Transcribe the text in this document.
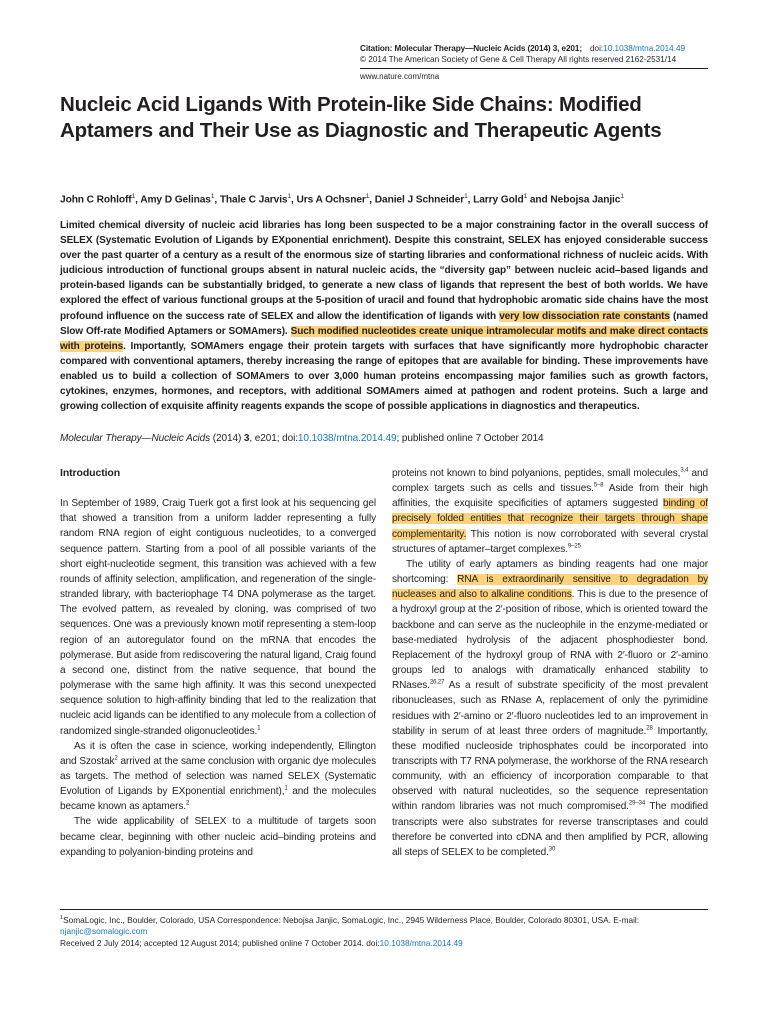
Citation: Molecular Therapy—Nucleic Acids (2014) 3, e201; doi:10.1038/mtna.2014.49
© 2014 The American Society of Gene & Cell Therapy All rights reserved 2162-2531/14
www.nature.com/mtna
Nucleic Acid Ligands With Protein-like Side Chains: Modified Aptamers and Their Use as Diagnostic and Therapeutic Agents
John C Rohloff$^1$, Amy D Gelinas$^1$, Thale C Jarvis$^1$, Urs A Ochsner$^1$, Daniel J Schneider$^1$, Larry Gold$^1$ and Nebojsa Janjic$^1$

Limited chemical diversity of nucleic acid libraries has long been suspected to be a major constraining factor in the overall success of SELEX (Systematic Evolution of Ligands by EXponential enrichment). Despite this constraint, SELEX has enjoyed considerable success over the past quarter of a century as a result of the enormous size of starting libraries and conformational richness of nucleic acids. With judicious introduction of functional groups absent in natural nucleic acids, the “diversity gap” between nucleic acid–based ligands and protein-based ligands can be substantially bridged, to generate a new class of ligands that represent the best of both worlds. We have explored the effect of various functional groups at the 5-position of uracil and found that hydrophobic aromatic side chains have the most profound influence on the success rate of SELEX and allow the identification of ligands with very low dissociation rate constants (named Slow Off-rate Modified Aptamers or SOMAmers). Such modified nucleotides create unique intramolecular motifs and make direct contacts with proteins. Importantly, SOMAmers engage their protein targets with surfaces that have significantly more hydrophobic character compared with conventional aptamers, thereby increasing the range of epitopes that are available for binding. These improvements have enabled us to build a collection of SOMAmers to over 3,000 human proteins encompassing major families such as growth factors, cytokines, enzymes, hormones, and receptors, with additional SOMAmers aimed at pathogen and rodent proteins. Such a large and growing collection of exquisite affinity reagents expands the scope of possible applications in diagnostics and therapeutics.

Molecular Therapy—Nucleic Acids (2014) 3, e201; doi:10.1038/mtna.2014.49; published online 7 October 2014
Introduction

In September of 1989, Craig Tuerk got a first look at his sequencing gel that showed a transition from a uniform ladder representing a fully random RNA region of eight contiguous nucleotides, to a converged sequence pattern. Starting from a pool of all possible variants of the short eight-nucleotide segment, this transition was achieved with a few rounds of affinity selection, amplification, and regeneration of the single-stranded library, with bacteriophage T4 DNA polymerase as the target. The evolved pattern, as revealed by cloning, was comprised of two sequences. One was a previously known motif representing a stem-loop region of an autoregulator found on the mRNA that encodes the polymerase. But aside from rediscovering the natural ligand, Craig found a second one, distinct from the native sequence, that bound the polymerase with the same high affinity. It was this second unexpected sequence solution to high-affinity binding that led to the realization that nucleic acid ligands can be identified to any molecule from a collection of randomized single-stranded oligonucleotides.$^1$

As it is often the case in science, working independently, Ellington and Szostak$^2$ arrived at the same conclusion with organic dye molecules as targets. The method of selection was named SELEX (Systematic Evolution of Ligands by EXponential enrichment),$^1$ and the molecules became known as aptamers.$^2$

The wide applicability of SELEX to a multitude of targets soon became clear, beginning with other nucleic acid–binding proteins and expanding to polyanion-binding proteins and

proteins not known to bind polyanions, peptides, small molecules,$^{3,4}$ and complex targets such as cells and tissues.$^{5-8}$ Aside from their high affinities, the exquisite specificities of aptamers suggested binding of precisely folded entities that recognize their targets through shape complementarity. This notion is now corroborated with several crystal structures of aptamer–target complexes.$^{9-25}$

The utility of early aptamers as binding reagents had one major shortcoming: RNA is extraordinarily sensitive to degradation by nucleases and also to alkaline conditions. This is due to the presence of a hydroxyl group at the 2′-position of ribose, which is oriented toward the backbone and can serve as the nucleophile in the enzyme-mediated or base-mediated hydrolysis of the adjacent phosphodiester bond. Replacement of the hydroxyl group of RNA with 2′-fluoro or 2′-amino groups led to analogs with dramatically enhanced stability to RNases.$^{26,27}$ As a result of substrate specificity of the most prevalent ribonucleases, such as RNase A, replacement of only the pyrimidine residues with 2′-amino or 2′-fluoro nucleotides led to an improvement in stability in serum of at least three orders of magnitude.$^{28}$ Importantly, these modified nucleoside triphosphates could be incorporated into transcripts with T7 RNA polymerase, the workhorse of the RNA research community, with an efficiency of incorporation comparable to that observed with natural nucleotides, so the sequence representation within random libraries was not much compromised.$^{29-34}$ The modified transcripts were also substrates for reverse transcriptases and could therefore be converted into cDNA and then amplified by PCR, allowing all steps of SELEX to be completed.$^{30}$

$^1$SomaLogic, Inc., Boulder, Colorado, USA Correspondence: Nebojsa Janjic, SomaLogic, Inc., 2945 Wilderness Place, Boulder, Colorado 80301, USA. E-mail: njanjic@somalogic.com
Received 2 July 2014; accepted 12 August 2014; published online 7 October 2014. doi:10.1038/mtna.2014.49
